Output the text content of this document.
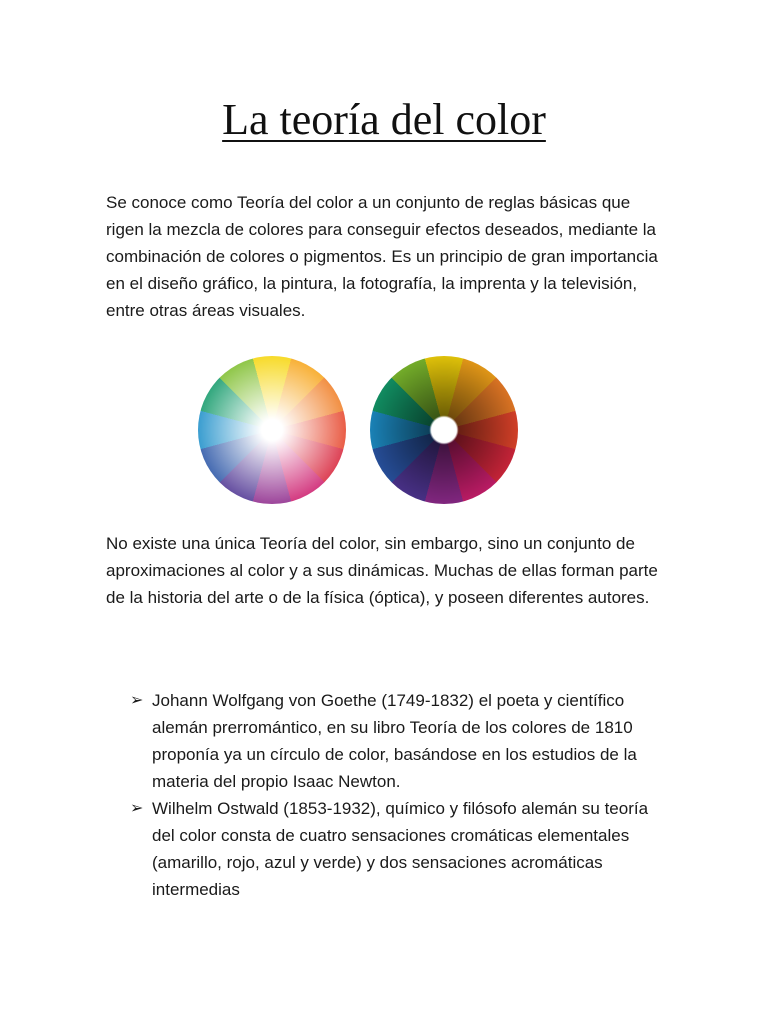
La teoría del color

Se conoce como Teoría del color a un conjunto de reglas básicas que rigen la mezcla de colores para conseguir efectos deseados, mediante la combinación de colores o pigmentos. Es un principio de gran importancia en el diseño gráfico, la pintura, la fotografía, la imprenta y la televisión, entre otras áreas visuales.

No existe una única Teoría del color, sin embargo, sino un conjunto de aproximaciones al color y a sus dinámicas. Muchas de ellas forman parte de la historia del arte o de la física (óptica), y poseen diferentes autores.

➢ Johann Wolfgang von Goethe (1749-1832) el poeta y científico alemán prerromántico, en su libro Teoría de los colores de 1810 proponía ya un círculo de color, basándose en los estudios de la materia del propio Isaac Newton.
➢ Wilhelm Ostwald (1853-1932), químico y filósofo alemán su teoría del color consta de cuatro sensaciones cromáticas elementales (amarillo, rojo, azul y verde) y dos sensaciones acromáticas intermedias
